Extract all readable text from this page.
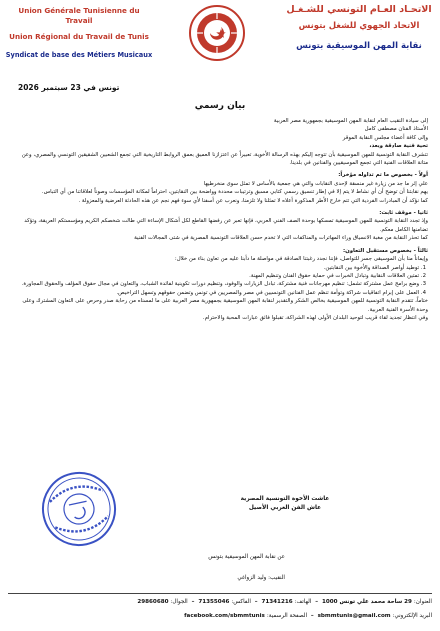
Union Générale Tunisienne du Travail
Union Régional du Travail de Tunis
Syndicat de base des Métiers Musicaux
الاتحـاد العـام التونسي للشـغـل
الاتحاد الجهوي للشغل بتونس
نقابة المهن الموسيقية بتونس
تونس في 23 سبتمبر 2026
بيان رسمي

إلى سيادة النقيب العام لنقابة المهن الموسيقية بجمهورية مصر العربية

الأستاذ الفنان مصطفى كامل

وإلى كافة أعضاء مجلس النقابة الموقر

تحية فنية صادقة وبعد،

تتشرف النقابة التونسية للمهن الموسيقية بأن تتوجه إليكم بهذه الرسالة الأخوية، تعبيراً عن اعتزازنا العميق بعمق الروابط التاريخية التي تجمع الشعبين الشقيقين التونسي والمصري، وعن متانة العلاقات الفنية التي تجمع الموسيقيين والفنانين في بلدينا.

أولاً - بخصوص ما تم تداوله مؤخراً:

علي إثر ما جد من زيارة غير منسقة لإحدى النقابات والتي هي جمعية بالأساس لا تمثل سوى منخرطيها

يهم نقابتنا أن توضح أن أي نشاط لا يتم إلا في إطار تنسيق رسمي كتابي مسبق وترتيبات محددة وواضحة بين النقابتين، احتراماً لمكانة المؤسسات وصوناً لعلاقاتنا من أي التباس.

كما نؤكد أن المبادرات الفردية التي تتم خارج الأطر المذكورة أعلاه لا تمثلنا ولا تلزمنا، ونعرب عن أسفنا لأي سوء فهم نجم عن هذه الحادثة العرضية والمعزولة .

ثانيا - موقف ثابت:

وإذ تجدد النقابة التونسية للمهن الموسيقية تمسكها بوحدة الصف الفني العربي، فإنها تعبر عن رفضها القاطع لكل أشكال الإساءة التي طالت شخصكم الكريم ومؤسستكم العريقة، وتؤكد تضامنها الكامل معكم.

كما تحذر النقابة من مغبة الانسياق وراء المهاترات والمناكفات التي لا تخدم حسن العلاقات التونسية المصرية في شتى المجالات الفنية

ثالثاً - بخصوص مستقبل التعاون:

وإيماناً منا بأن الموسيقى جسر للتواصل، فإننا نجدد رغبتنا الصادقة في مواصلة ما دأبنا عليه من تعاون بناء من خلال:

1. توطيد أواصر الصداقة والأخوة بين النقابتين.

2. تمتين العلاقات النقابية وتبادل الخبرات في حماية حقوق الفنان وتنظيم المهنة.

3. وضع برامج عمل مشتركة تشمل: تنظيم مهرجانات فنية مشتركة، تبادل الزيارات والوفود، وتنظيم دورات تكوينية لفائدة الشباب، والتعاون في مجال حقوق المؤلف والحقوق المجاورة.

4. العمل على إبرام اتفاقيات شراكة وتوأمة تنظم عمل الفنانين التونسيين في مصر والمصريين في تونس وتضمن حقوقهم وتسهل التراخيص.

ختاماً، تتقدم النقابة التونسية للمهن الموسيقية بخالص الشكر والتقدير لنقابة المهن الموسيقية بجمهورية مصر العربية على ما لمسناه من رحابة صدر وحرص على التعاون المشترك وعلى وحدة الأسرة الفنية العربية.

وفي انتظار تجديد لقاء قريب لتوحيد البلدان الأولى لهذه الشراكة، تقبلوا فائق عبارات المحبة والاحترام.

عاشت الأخوة التونسية المصرية
عاش الفن العربي الأصيل
عن نقابة المهن الموسيقية بتونس
النقيب: وليد الزواغي
العنوان: 29 ساحة محمد علي تونس 1000  –  الهاتف: 71341216  –  الفاكس: 71355046  –  الجوال: 29860680
البريد الإلكتروني: sbmmtunis@gmail.com  –  الصفحة الرسمية: facebook.com/sbmmtunis
